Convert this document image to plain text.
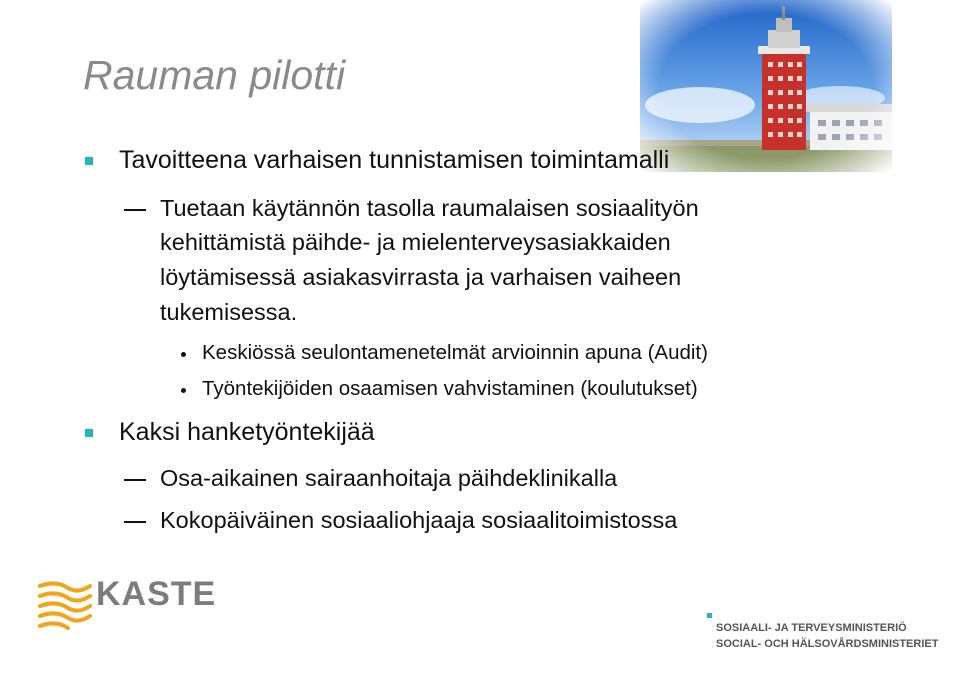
Rauman pilotti
Tavoitteena varhaisen tunnistamisen toimintamalli
Tuetaan käytännön tasolla raumalaisen sosiaalityön
kehittämistä päihde- ja mielenterveysasiakkaiden
löytämisessä asiakasvirrasta ja varhaisen vaiheen
tukemisessa.
Keskiössä seulontamenetelmät arvioinnin apuna (Audit)
Työntekijöiden osaamisen vahvistaminen (koulutukset)
Kaksi hanketyöntekijää
Osa-aikainen sairaanhoitaja päihdeklinikalla
Kokopäiväinen sosiaaliohjaaja sosiaalitoimistossa
KASTE
SOSIAALI- JA TERVEYSMINISTERIÖ
SOCIAL- OCH HÄLSOVÅRDSMINISTERIET
